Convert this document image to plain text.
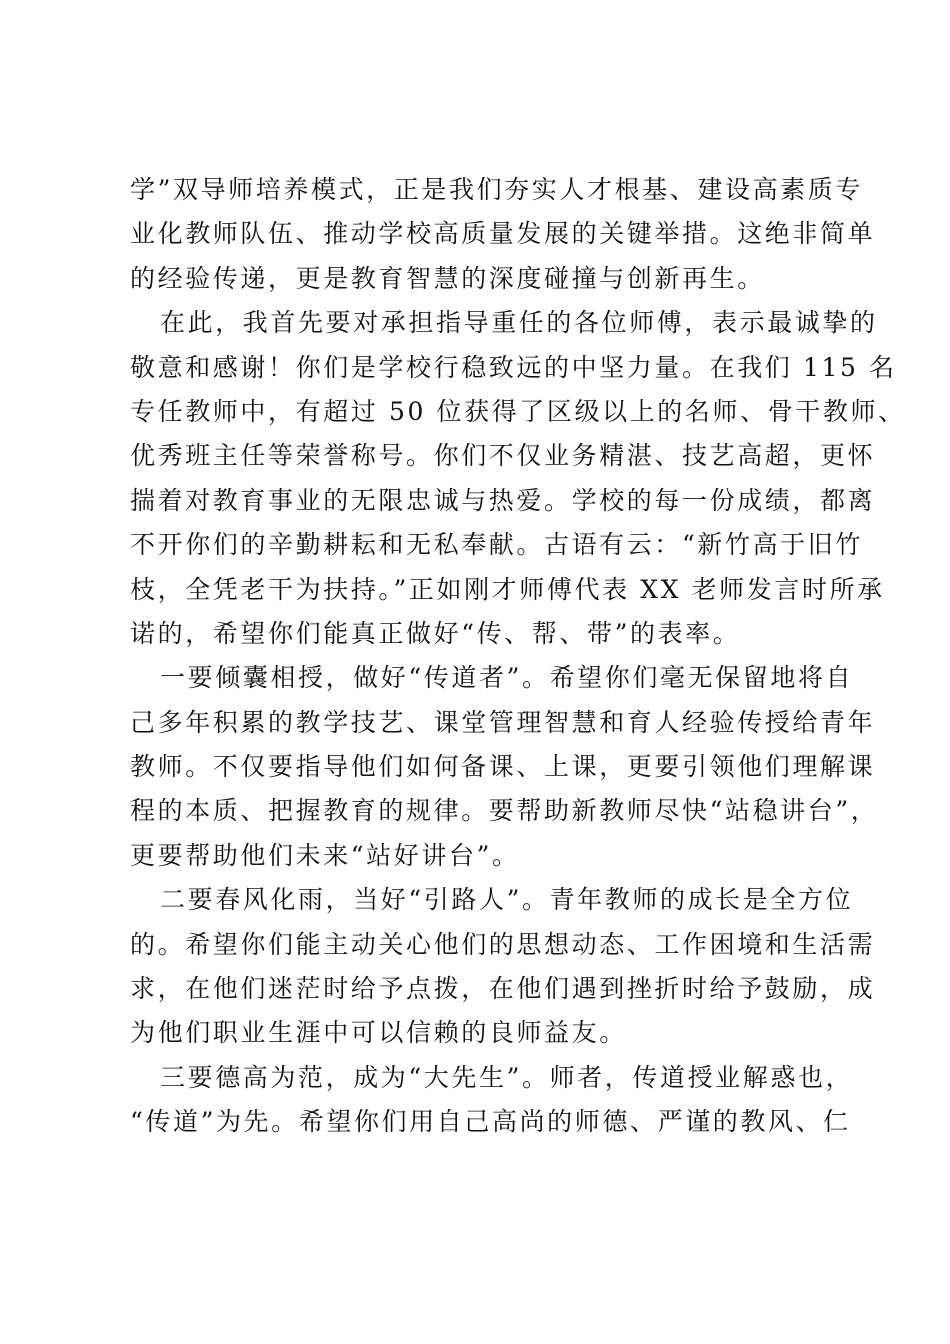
学”双导师培养模式，正是我们夯实人才根基、建设高素质专
业化教师队伍、推动学校高质量发展的关键举措。这绝非简单
的经验传递，更是教育智慧的深度碰撞与创新再生。
在此，我首先要对承担指导重任的各位师傅，表示最诚挚的
敬意和感谢！你们是学校行稳致远的中坚力量。在我们 115 名
专任教师中，有超过 50 位获得了区级以上的名师、骨干教师、
优秀班主任等荣誉称号。你们不仅业务精湛、技艺高超，更怀
揣着对教育事业的无限忠诚与热爱。学校的每一份成绩，都离
不开你们的辛勤耕耘和无私奉献。古语有云：“新竹高于旧竹
枝，全凭老干为扶持。”正如刚才师傅代表 XX 老师发言时所承
诺的，希望你们能真正做好“传、帮、带”的表率。
一要倾囊相授，做好“传道者”。希望你们毫无保留地将自
己多年积累的教学技艺、课堂管理智慧和育人经验传授给青年
教师。不仅要指导他们如何备课、上课，更要引领他们理解课
程的本质、把握教育的规律。要帮助新教师尽快“站稳讲台”，
更要帮助他们未来“站好讲台”。
二要春风化雨，当好“引路人”。青年教师的成长是全方位
的。希望你们能主动关心他们的思想动态、工作困境和生活需
求，在他们迷茫时给予点拨，在他们遇到挫折时给予鼓励，成
为他们职业生涯中可以信赖的良师益友。
三要德高为范，成为“大先生”。师者，传道授业解惑也，
“传道”为先。希望你们用自己高尚的师德、严谨的教风、仁
